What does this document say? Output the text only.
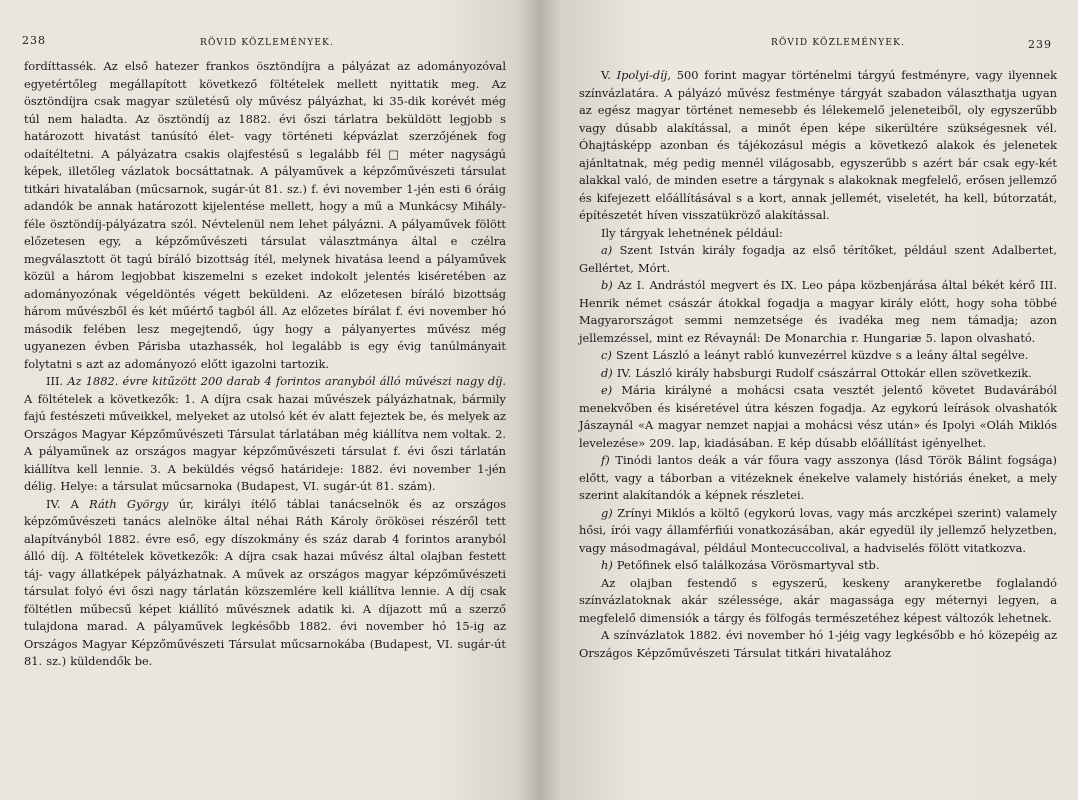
238	RÖVID KÖZLEMÉNYEK.

fordíttassék. Az első hatezer frankos ösztöndíjra a pályázat az adományozóval egyetértőleg megállapított következő föltételek mellett nyittatik meg. Az ösztöndíjra csak magyar születésű oly művész pályázhat, ki 35-dik korévét még túl nem haladta. Az ösztöndíj az 1882. évi őszi tárlatra beküldött legjobb s határozott hivatást tanúsító élet- vagy történeti képvázlat szerzőjének fog odaítéltetni. A pályázatra csakis olajfestésű s legalább fél □ méter nagyságú képek, illetőleg vázlatok bocsáttatnak. A pályaművek a képzőművészeti társulat titkári hivatalában (műcsarnok, sugár-út 81. sz.) f. évi november 1-jén esti 6 óráig adandók be annak határozott kijelentése mellett, hogy a mű a Munkácsy Mihály-féle ösztöndíj-pályázatra szól. Névtelenül nem lehet pályázni. A pályaművek fölött előzetesen egy, a képzőművészeti társulat választmánya által e czélra megválasztott öt tagú bíráló bizottság ítél, melynek hivatása leend a pályaművek közül a három legjobbat kiszemelni s ezeket indokolt jelentés kiséretében az adományozónak végeldöntés végett beküldeni. Az előzetesen bíráló bizottság három művészből és két műértő tagból áll. Az előzetes bírálat f. évi november hó második felében lesz megejtendő, úgy hogy a pályanyertes művész még ugyanezen évben Párisba utazhassék, hol legalább is egy évig tanúlmányait folytatni s azt az adományozó előtt igazolni tartozik.

III. Az 1882. évre kitűzött 200 darab 4 forintos aranyból álló művészi nagy díj. A föltételek a következők: 1. A díjra csak hazai művészek pályázhatnak, bármily fajú festészeti műveikkel, melyeket az utolsó két év alatt fejeztek be, és melyek az Országos Magyar Képzőművészeti Társulat tárlatában még kiállítva nem voltak. 2. A pályaműnek az országos magyar képzőművészeti társulat f. évi őszi tárlatán kiállítva kell lennie. 3. A beküldés végső határideje: 1882. évi november 1-jén délig. Helye: a társulat műcsarnoka (Budapest, VI. sugár-út 81. szám).

IV. A Ráth György úr, királyi ítélő táblai tanácselnök és az országos képzőművészeti tanács alelnöke által néhai Ráth Károly örökösei részéről tett alapítványból 1882. évre eső, egy díszokmány és száz darab 4 forintos aranyból álló díj. A föltételek következők: A díjra csak hazai művész által olajban festett táj- vagy állatképek pályázhatnak. A művek az országos magyar képzőművészeti társulat folyó évi őszi nagy tárlatán közszemlére kell kiállítva lennie. A díj csak föltétlen műbecsű képet kiállító művésznek adatik ki. A díjazott mű a szerző tulajdona marad. A pályaművek legkésőbb 1882. évi november hó 15-ig az Országos Magyar Képzőművészeti Társulat műcsarnokába (Budapest, VI. sugár-út 81. sz.) küldendők be.

RÖVID KÖZLEMÉNYEK.	239

V. Ipolyi-díj, 500 forint magyar történelmi tárgyú festményre, vagy ilyennek színvázlatára. A pályázó művész festménye tárgyát szabadon választhatja ugyan az egész magyar történet nemesebb és lélekemelő jeleneteiből, oly egyszerűbb vagy dúsabb alakítással, a minőt épen képe sikerültére szükségesnek vél. Óhajtásképp azonban és tájékozásul mégis a következő alakok és jelenetek ajánltatnak, még pedig mennél világosabb, egyszerűbb s azért bár csak egy-két alakkal való, de minden esetre a tárgynak s alakoknak megfelelő, erősen jellemző és kifejezett előállításával s a kort, annak jellemét, viseletét, ha kell, bútorzatát, építészetét híven visszatükröző alakítással.

Ily tárgyak lehetnének például:

a) Szent István király fogadja az első térítőket, például szent Adalbertet, Gellértet, Mórt.

b) Az I. Andrástól megvert és IX. Leo pápa közbenjárása által békét kérő III. Henrik német császár átokkal fogadja a magyar király elótt, hogy soha többé Magyarországot semmi nemzetsége és ivadéka meg nem támadja; azon jellemzéssel, mint ez Révaynál: De Monarchia r. Hungariæ 5. lapon olvasható.

c) Szent László a leányt rabló kunvezérrel küzdve s a leány által segélve.

d) IV. László király habsburgi Rudolf császárral Ottokár ellen szövetkezik.

e) Mária királyné a mohácsi csata vesztét jelentő követet Budavárából menekvőben és kiséretével útra készen fogadja. Az egykorú leírások olvashatók Jászaynál «A magyar nemzet napjai a mohácsi vész után» és Ipolyi «Oláh Miklós levelezése» 209. lap, kiadásában. E kép dúsabb előállítást igényelhet.

f) Tinódi lantos deák a vár főura vagy asszonya (lásd Török Bálint fogsága) előtt, vagy a táborban a vitézeknek énekelve valamely históriás éneket, a mely szerint alakítandók a képnek részletei.

g) Zrínyi Miklós a költő (egykorú lovas, vagy más arczképei szerint) valamely hősi, írói vagy államférfiúi vonatkozásában, akár egyedül ily jellemző helyzetben, vagy másodmagával, például Montecuccolival, a hadviselés fölött vitatkozva.

h) Petőfinek első találkozása Vörösmartyval stb.

Az olajban festendő s egyszerű, keskeny aranykeretbe foglalandó színvázlatoknak akár szélessége, akár magassága egy méternyi legyen, a megfelelő dimensiók a tárgy és fölfogás természetéhez képest változók lehetnek.

A színvázlatok 1882. évi november hó 1-jéig vagy legkésőbb e hó közepéig az Országos Képzőművészeti Társulat titkári hivatalához
